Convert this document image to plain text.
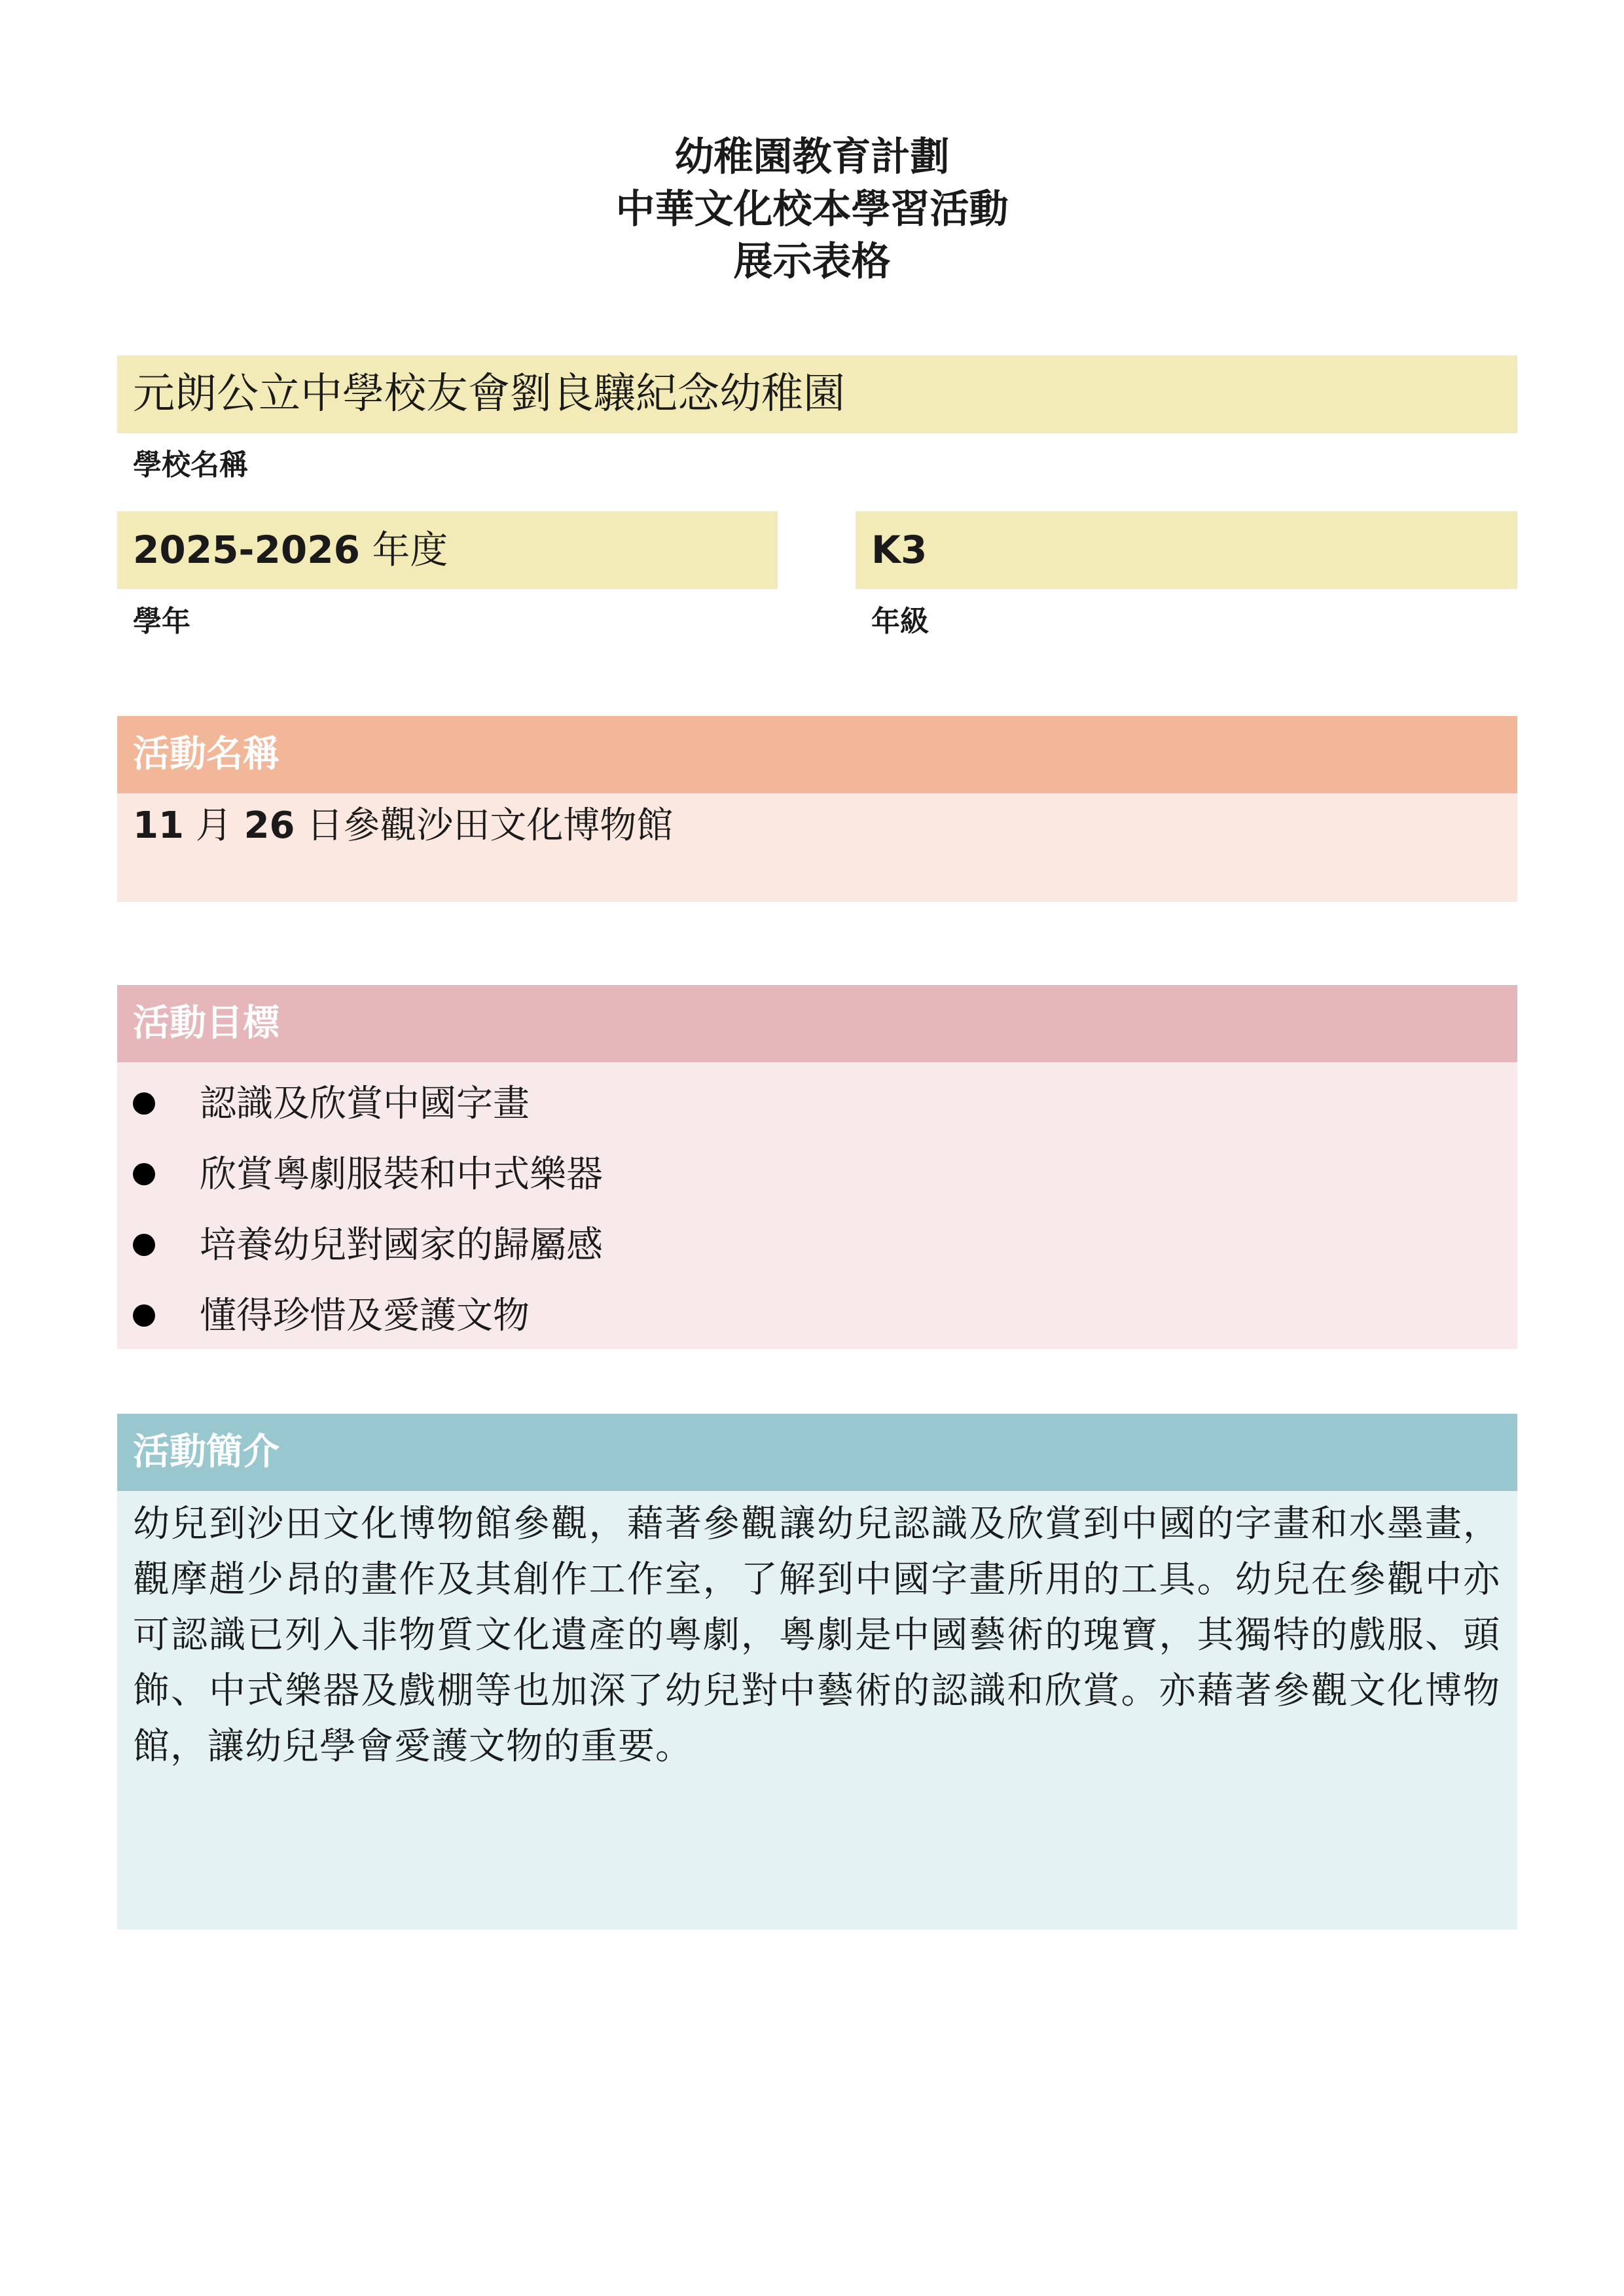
幼稚園教育計劃
中華文化校本學習活動
展示表格
元朗公立中學校友會劉良驤紀念幼稚園
學校名稱
2025-2026 年度
學年
K3
年級
活動名稱
11 月 26 日參觀沙田文化博物館
活動目標
認識及欣賞中國字畫
欣賞粵劇服裝和中式樂器
培養幼兒對國家的歸屬感
懂得珍惜及愛護文物
活動簡介
幼兒到沙田文化博物館參觀，藉著參觀讓幼兒認識及欣賞到中國的字畫和水墨畫，觀摩趙少昂的畫作及其創作工作室，了解到中國字畫所用的工具。幼兒在參觀中亦可認識已列入非物質文化遺產的粵劇，粵劇是中國藝術的瑰寶，其獨特的戲服、頭飾、中式樂器及戲棚等也加深了幼兒對中藝術的認識和欣賞。亦藉著參觀文化博物館，讓幼兒學會愛護文物的重要。
